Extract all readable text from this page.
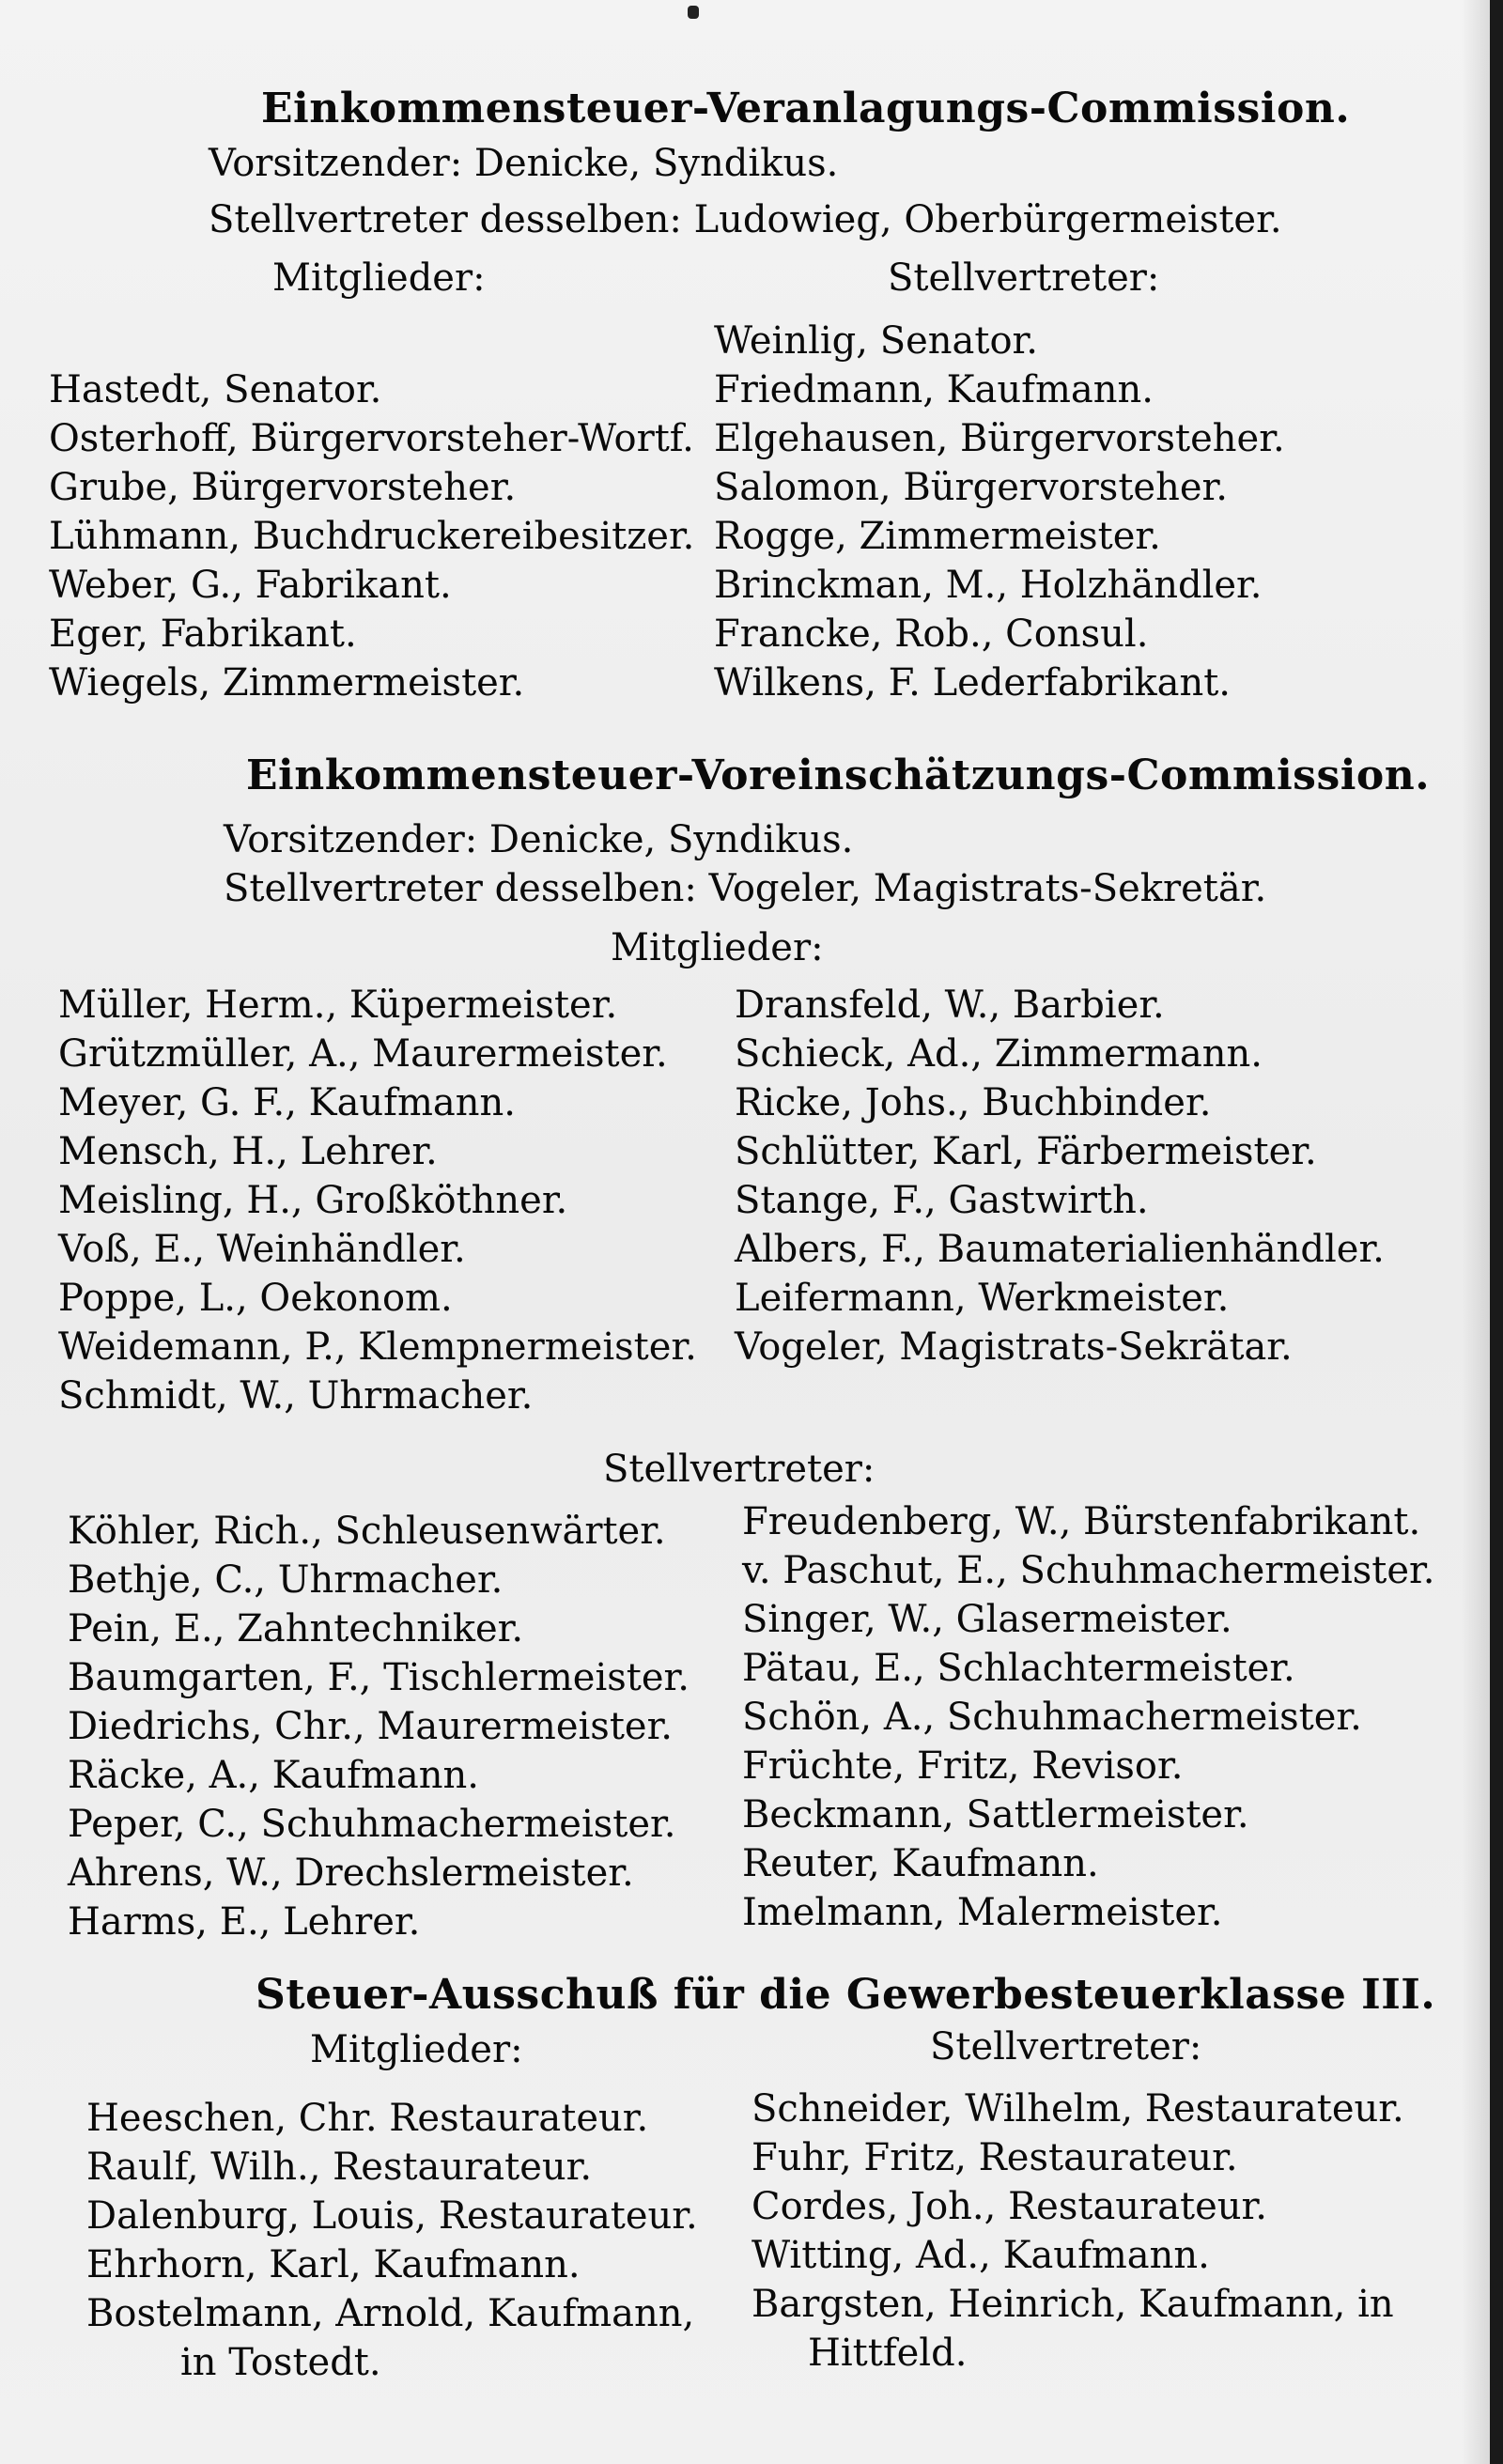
Einkommensteuer-Veranlagungs-Commission.
Vorsitzender: Denicke, Syndikus.
Stellvertreter desselben: Ludowieg, Oberbürgermeister.
Mitglieder:	Stellvertreter:
Hastedt, Senator.
Osterhoff, Bürgervorsteher-Wortf.
Grube, Bürgervorsteher.
Lühmann, Buchdruckereibesitzer.
Weber, G., Fabrikant.
Eger, Fabrikant.
Wiegels, Zimmermeister.
Weinlig, Senator.
Friedmann, Kaufmann.
Elgehausen, Bürgervorsteher.
Salomon, Bürgervorsteher.
Rogge, Zimmermeister.
Brinckman, M., Holzhändler.
Francke, Rob., Consul.
Wilkens, F. Lederfabrikant.
Einkommensteuer-Voreinschätzungs-Commission.
Vorsitzender: Denicke, Syndikus.
Stellvertreter desselben: Vogeler, Magistrats-Sekretär.
Mitglieder:
Müller, Herm., Küpermeister.
Grützmüller, A., Maurermeister.
Meyer, G. F., Kaufmann.
Mensch, H., Lehrer.
Meisling, H., Großköthner.
Voß, E., Weinhändler.
Poppe, L., Oekonom.
Weidemann, P., Klempnermeister.
Schmidt, W., Uhrmacher.
Dransfeld, W., Barbier.
Schieck, Ad., Zimmermann.
Ricke, Johs., Buchbinder.
Schlütter, Karl, Färbermeister.
Stange, F., Gastwirth.
Albers, F., Baumaterialienhändler.
Leifermann, Werkmeister.
Vogeler, Magistrats-Sekrätar.
Stellvertreter:
Köhler, Rich., Schleusenwärter.
Bethje, C., Uhrmacher.
Pein, E., Zahntechniker.
Baumgarten, F., Tischlermeister.
Diedrichs, Chr., Maurermeister.
Räcke, A., Kaufmann.
Peper, C., Schuhmachermeister.
Ahrens, W., Drechslermeister.
Harms, E., Lehrer.
Freudenberg, W., Bürstenfabrikant.
v. Paschut, E., Schuhmachermeister.
Singer, W., Glasermeister.
Pätau, E., Schlachtermeister.
Schön, A., Schuhmachermeister.
Früchte, Fritz, Revisor.
Beckmann, Sattlermeister.
Reuter, Kaufmann.
Imelmann, Malermeister.
Steuer-Ausschuß für die Gewerbesteuerklasse III.
Mitglieder:	Stellvertreter:
Heeschen, Chr. Restaurateur.
Raulf, Wilh., Restaurateur.
Dalenburg, Louis, Restaurateur.
Ehrhorn, Karl, Kaufmann.
Bostelmann, Arnold, Kaufmann,
in Tostedt.
Schneider, Wilhelm, Restaurateur.
Fuhr, Fritz, Restaurateur.
Cordes, Joh., Restaurateur.
Witting, Ad., Kaufmann.
Bargsten, Heinrich, Kaufmann, in
Hittfeld.
